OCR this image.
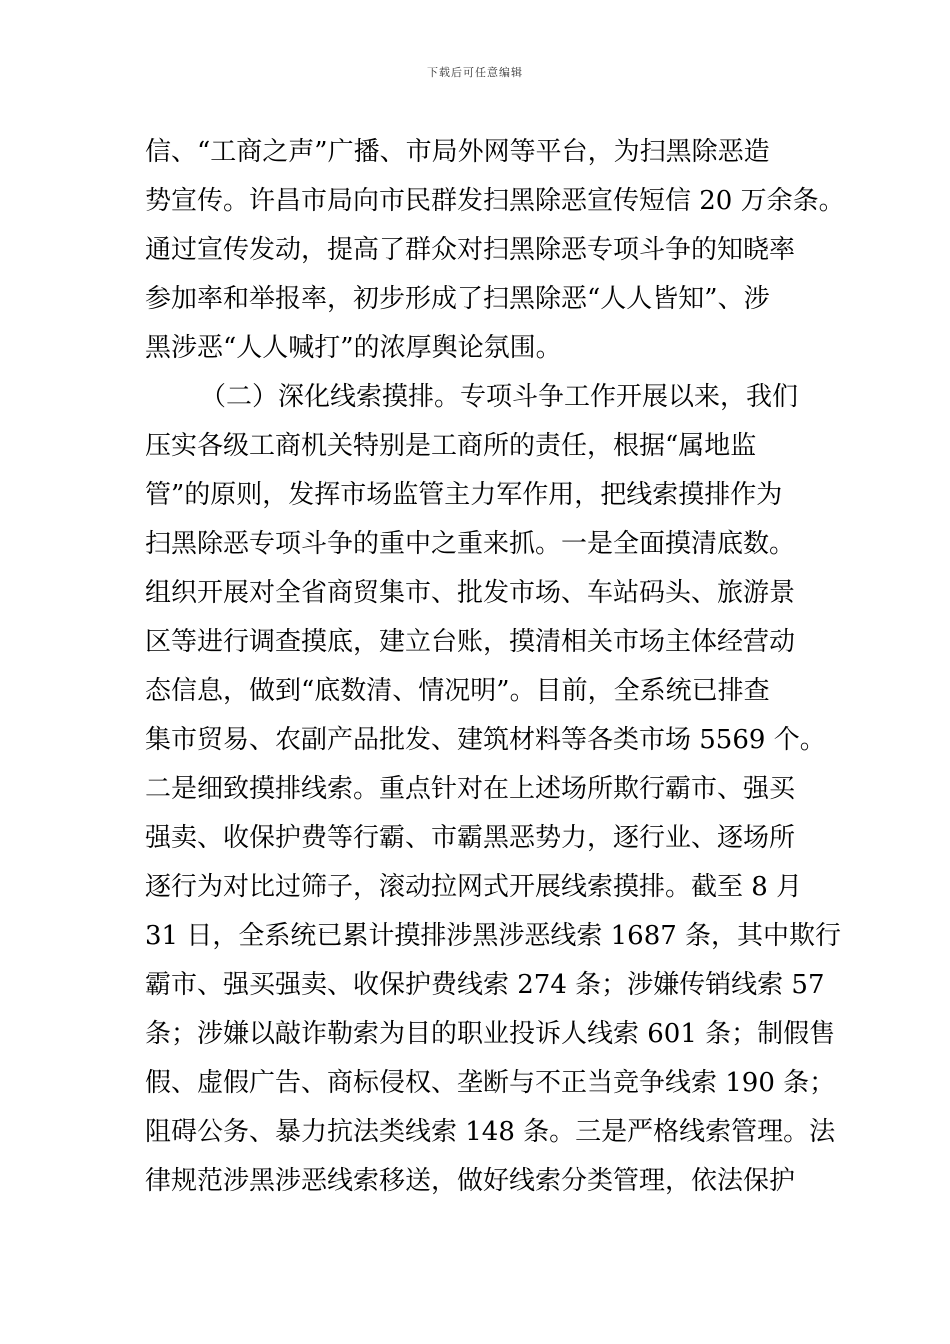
下载后可任意编辑
信、“工商之声”广播、市局外网等平台，为扫黑除恶造
势宣传。许昌市局向市民群发扫黑除恶宣传短信 20 万余条。
通过宣传发动，提高了群众对扫黑除恶专项斗争的知晓率
参加率和举报率，初步形成了扫黑除恶“人人皆知”、涉
黑涉恶“人人喊打”的浓厚舆论氛围。
（二）深化线索摸排。专项斗争工作开展以来，我们
压实各级工商机关特别是工商所的责任，根据“属地监
管”的原则，发挥市场监管主力军作用，把线索摸排作为
扫黑除恶专项斗争的重中之重来抓。一是全面摸清底数。
组织开展对全省商贸集市、批发市场、车站码头、旅游景
区等进行调查摸底，建立台账，摸清相关市场主体经营动
态信息，做到“底数清、情况明”。目前，全系统已排查
集市贸易、农副产品批发、建筑材料等各类市场 5569 个。
二是细致摸排线索。重点针对在上述场所欺行霸市、强买
强卖、收保护费等行霸、市霸黑恶势力，逐行业、逐场所
逐行为对比过筛子，滚动拉网式开展线索摸排。截至 8 月
31 日，全系统已累计摸排涉黑涉恶线索 1687 条，其中欺行
霸市、强买强卖、收保护费线索 274 条；涉嫌传销线索 57
条；涉嫌以敲诈勒索为目的职业投诉人线索 601 条；制假售
假、虚假广告、商标侵权、垄断与不正当竞争线索 190 条；
阻碍公务、暴力抗法类线索 148 条。三是严格线索管理。法
律规范涉黑涉恶线索移送，做好线索分类管理，依法保护
